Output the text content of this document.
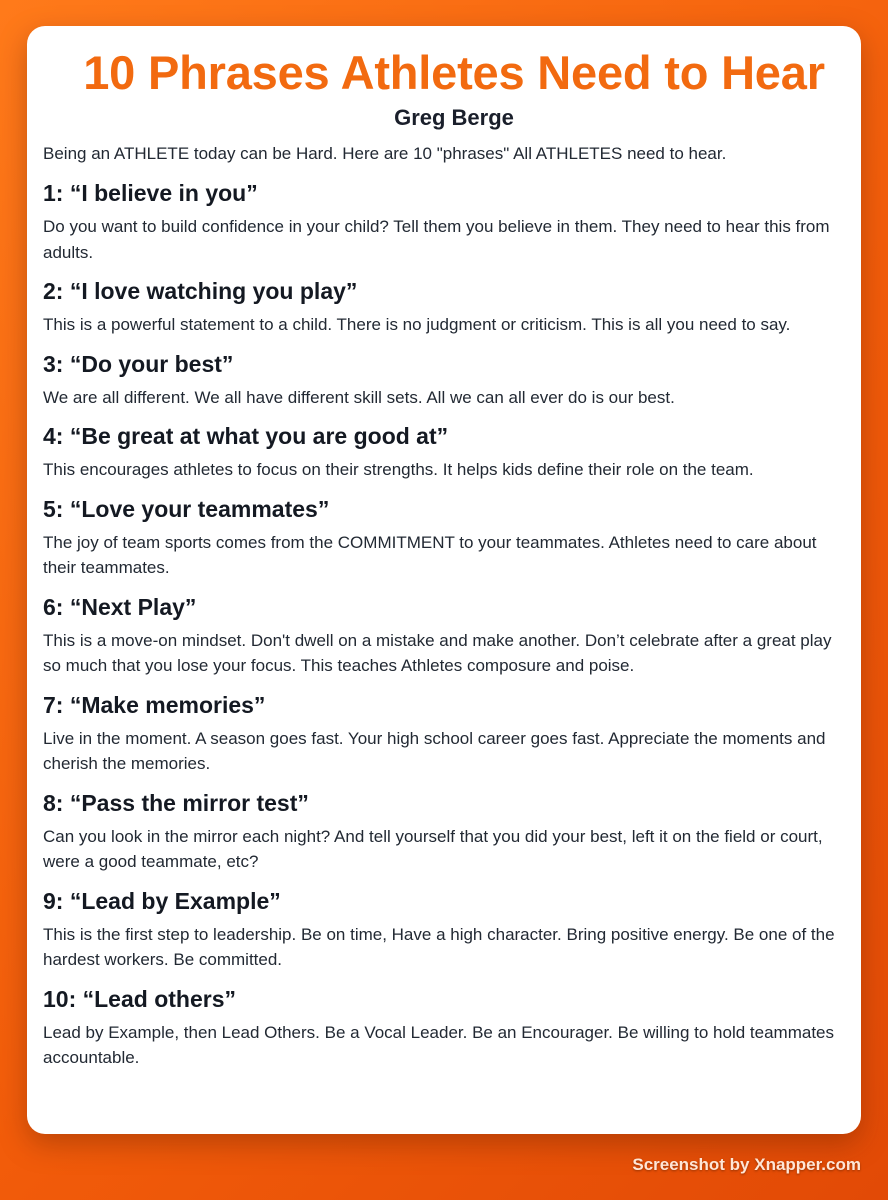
10 Phrases Athletes Need to Hear
Greg Berge

Being an ATHLETE today can be Hard. Here are 10 "phrases" All ATHLETES need to hear.

1: “I believe in you”

Do you want to build confidence in your child? Tell them you believe in them. They need to hear this from adults.

2: “I love watching you play”

This is a powerful statement to a child. There is no judgment or criticism. This is all you need to say.

3: “Do your best”

We are all different. We all have different skill sets. All we can all ever do is our best.

4: “Be great at what you are good at”

This encourages athletes to focus on their strengths. It helps kids define their role on the team.

5: “Love your teammates”

The joy of team sports comes from the COMMITMENT to your teammates. Athletes need to care about their teammates.

6: “Next Play”

This is a move-on mindset. Don't dwell on a mistake and make another. Don’t celebrate after a great play so much that you lose your focus. This teaches Athletes composure and poise.

7: “Make memories”

Live in the moment. A season goes fast. Your high school career goes fast. Appreciate the moments and cherish the memories.

8: “Pass the mirror test”

Can you look in the mirror each night? And tell yourself that you did your best, left it on the field or court, were a good teammate, etc?

9: “Lead by Example”

This is the first step to leadership. Be on time, Have a high character. Bring positive energy. Be one of the hardest workers. Be committed.

10: “Lead others”

Lead by Example, then Lead Others. Be a Vocal Leader. Be an Encourager. Be willing to hold teammates accountable.

Screenshot by Xnapper.com
